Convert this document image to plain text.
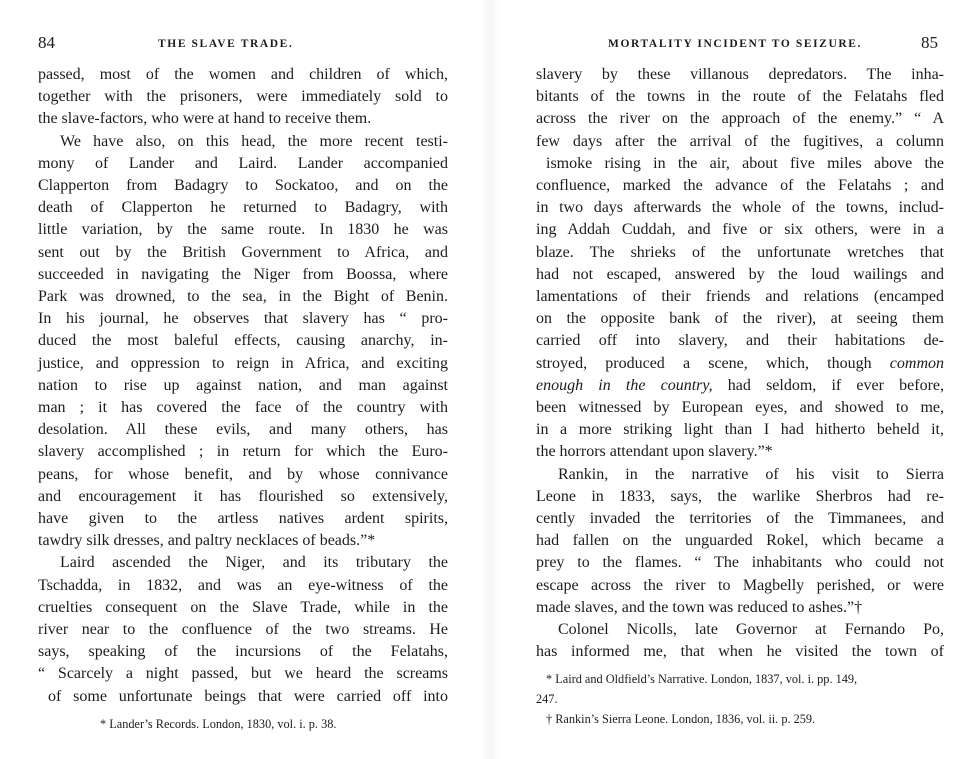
84	THE SLAVE TRADE.
passed, most of the women and children of which,
together with the prisoners, were immediately sold to
the slave-factors, who were at hand to receive them.
We have also, on this head, the more recent testi-
mony of Lander and Laird. Lander accompanied
Clapperton from Badagry to Sockatoo, and on the
death of Clapperton he returned to Badagry, with
little variation, by the same route. In 1830 he was
sent out by the British Government to Africa, and
succeeded in navigating the Niger from Boossa, where
Park was drowned, to the sea, in the Bight of Benin.
In his journal, he observes that slavery has “ pro-
duced the most baleful effects, causing anarchy, in-
justice, and oppression to reign in Africa, and exciting
nation to rise up against nation, and man against
man ; it has covered the face of the country with
desolation. All these evils, and many others, has
slavery accomplished ; in return for which the Euro-
peans, for whose benefit, and by whose connivance
and encouragement it has flourished so extensively,
have given to the artless natives ardent spirits,
tawdry silk dresses, and paltry necklaces of beads.”*
Laird ascended the Niger, and its tributary the
Tschadda, in 1832, and was an eye-witness of the
cruelties consequent on the Slave Trade, while in the
river near to the confluence of the two streams. He
says, speaking of the incursions of the Felatahs,
“ Scarcely a night passed, but we heard the screams
of some unfortunate beings that were carried off into
* Lander’s Records. London, 1830, vol. i. p. 38.
MORTALITY INCIDENT TO SEIZURE.	85
slavery by these villanous depredators. The inha-
bitants of the towns in the route of the Felatahs fled
across the river on the approach of the enemy.” “ A
few days after the arrival of the fugitives, a column
ismoke rising in the air, about five miles above the
confluence, marked the advance of the Felatahs ; and
in two days afterwards the whole of the towns, includ-
ing Addah Cuddah, and five or six others, were in a
blaze. The shrieks of the unfortunate wretches that
had not escaped, answered by the loud wailings and
lamentations of their friends and relations (encamped
on the opposite bank of the river), at seeing them
carried off into slavery, and their habitations de-
stroyed, produced a scene, which, though common
enough in the country, had seldom, if ever before,
been witnessed by European eyes, and showed to me,
in a more striking light than I had hitherto beheld it,
the horrors attendant upon slavery.”*
Rankin, in the narrative of his visit to Sierra
Leone in 1833, says, the warlike Sherbros had re-
cently invaded the territories of the Timmanees, and
had fallen on the unguarded Rokel, which became a
prey to the flames. “ The inhabitants who could not
escape across the river to Magbelly perished, or were
made slaves, and the town was reduced to ashes.”†
Colonel Nicolls, late Governor at Fernando Po,
has informed me, that when he visited the town of
* Laird and Oldfield’s Narrative. London, 1837, vol. i. pp. 149,
247.
† Rankin’s Sierra Leone. London, 1836, vol. ii. p. 259.
